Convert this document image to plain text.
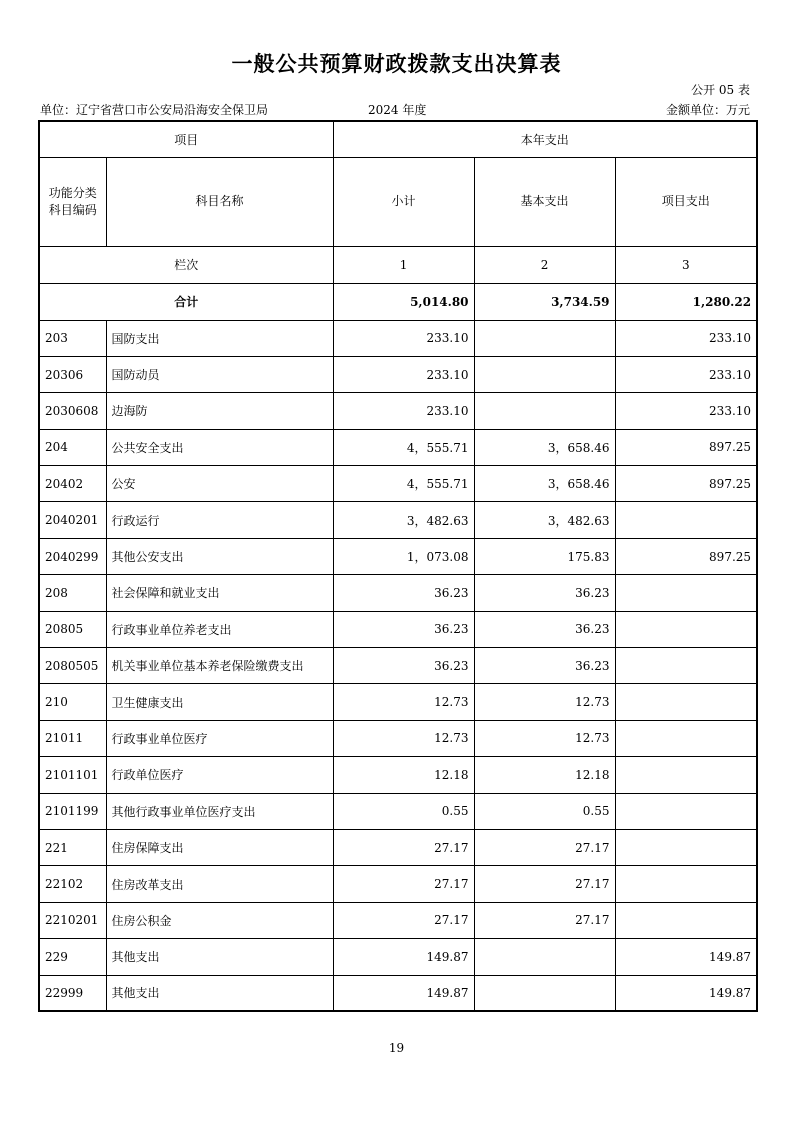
一般公共预算财政拨款支出决算表
公开 05 表
单位：辽宁省营口市公安局沿海安全保卫局	2024 年度	金额单位：万元
项目		本年支出		
功能分类科目编码	科目名称	小计	基本支出	项目支出
栏次		1	2	3
合计		5,014.80	3,734.59	1,280.22
203	国防支出	233.10		233.10
20306	国防动员	233.10		233.10
2030608	边海防	233.10		233.10
204	公共安全支出	4，555.71	3，658.46	897.25
20402	公安	4，555.71	3，658.46	897.25
2040201	行政运行	3，482.63	3，482.63	
2040299	其他公安支出	1，073.08	175.83	897.25
208	社会保障和就业支出	36.23	36.23	
20805	行政事业单位养老支出	36.23	36.23	
2080505	机关事业单位基本养老保险缴费支出	36.23	36.23	
210	卫生健康支出	12.73	12.73	
21011	行政事业单位医疗	12.73	12.73	
2101101	行政单位医疗	12.18	12.18	
2101199	其他行政事业单位医疗支出	0.55	0.55	
221	住房保障支出	27.17	27.17	
22102	住房改革支出	27.17	27.17	
2210201	住房公积金	27.17	27.17	
229	其他支出	149.87		149.87
22999	其他支出	149.87		149.87
19
